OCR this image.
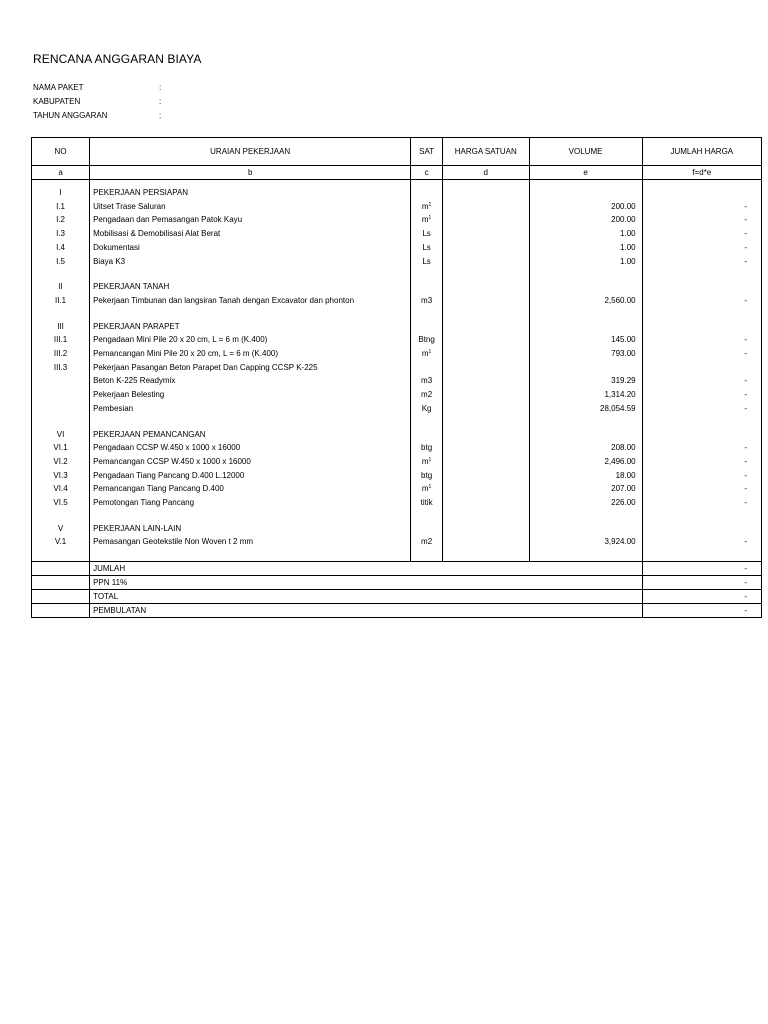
RENCANA ANGGARAN BIAYA
NAMA PAKET	:
KABUPATEN	:
TAHUN ANGGARAN	:
NO	URAIAN PEKERJAAN	SAT	HARGA SATUAN	VOLUME	JUMLAH HARGA
a	b	c	d	e	f=d*e

I	PEKERJAAN PERSIAPAN				
I.1	Uitset Trase Saluran	$m^1$		200.00	-
I.2	Pengadaan dan Pemasangan Patok Kayu	$m^1$		200.00	-
I.3	Mobilisasi & Demobilisasi Alat Berat	Ls		1.00	-
I.4	Dokumentasi	Ls		1.00	-
I.5	Biaya K3	Ls		1.00	-

II	PEKERJAAN TANAH				
II.1	Pekerjaan Timbunan dan langsiran Tanah dengan Excavator dan phonton	m3		2,560.00	-

III	PEKERJAAN PARAPET				
III.1	Pengadaan Mini Pile 20 x 20 cm, L = 6 m (K.400)	Btng		145.00	-
III.2	Pemancangan Mini Pile 20 x 20 cm, L = 6 m (K.400)	$m^1$		793.00	-
III.3	Pekerjaan Pasangan Beton Parapet Dan Capping CCSP K-225				
	Beton K-225 Readymix	m3		319.29	-
	Pekerjaan Belesting	m2		1,314.20	-
	Pembesian	Kg		28,054.59	-

VI	PEKERJAAN PEMANCANGAN				
VI.1	Pengadaan CCSP W.450 x 1000 x 16000	btg		208.00	-
VI.2	Pemancangan CCSP W.450 x 1000 x 16000	$m^1$		2,496.00	-
VI.3	Pengadaan Tiang Pancang D.400 L.12000	btg		18.00	-
VI.4	Pemancangan Tiang Pancang D.400	$m^1$		207.00	-
VI.5	Pemotongan Tiang Pancang	titik		226.00	-

V	PEKERJAAN LAIN-LAIN				
V.1	Pemasangan Geotekstile Non Woven t 2 mm	m2		3,924.00	-

	JUMLAH				-
	PPN 11%				-
	TOTAL				-
	PEMBULATAN				-
